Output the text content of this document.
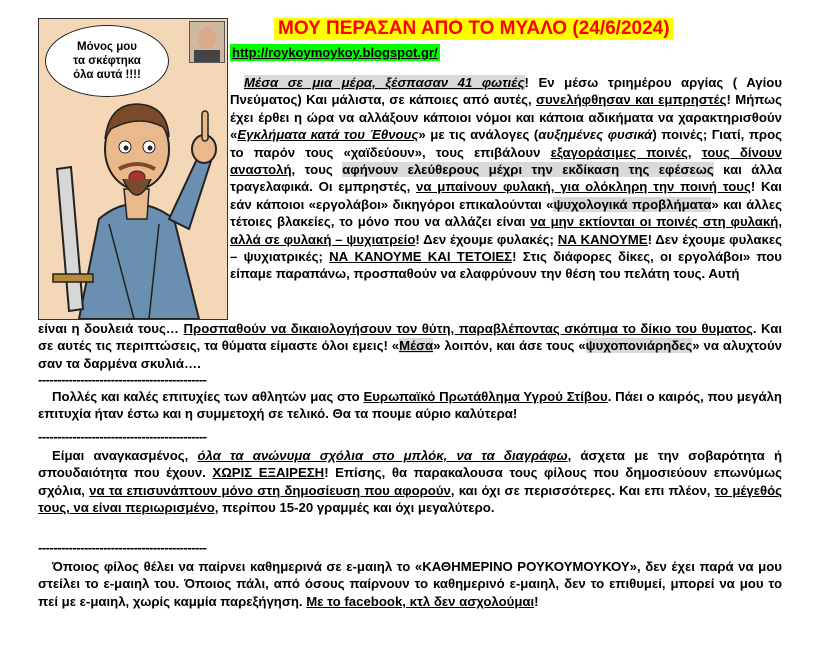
Μόνος μου
τα σκέφτηκα
όλα αυτά !!!!
ΜΟΥ ΠΕΡΑΣΑΝ ΑΠΟ ΤΟ ΜΥΑΛΟ (24/6/2024)
http://roykoymoykoy.blogspot.gr/

Μέσα σε μια μέρα, ξέσπασαν 41 φωτιές! Εν μέσω τριημέρου αργίας ( Αγίου Πνεύματος) Και μάλιστα, σε κάποιες από αυτές, συνελήφθησαν και εμπρηστές! Μήπως έχει έρθει η ώρα να αλλάξουν κάποιοι νόμοι και κάποια αδικήματα να χαρακτηρισθούν «Εγκλήματα κατά του Έθνους» με τις ανάλογες (αυξημένες φυσικά) ποινές; Γιατί, προς το παρόν τους «χαϊδεύουν», τους επιβάλουν εξαγοράσιμες ποινές, τους δίνουν αναστολή, τους αφήνουν ελεύθερους μέχρι την εκδίκαση της εφέσεως και άλλα τραγελαφικά. Οι εμπρηστές, να μπαίνουν φυλακή, για ολόκληρη την ποινή τους! Και εάν κάποιοι «εργολάβοι» δικηγόροι επικαλούνται «ψυχολογικά προβλήματα» και άλλες τέτοιες βλακείες, το μόνο που να αλλάζει είναι να μην εκτίονται οι ποινές στη φυλακή, αλλά σε φυλακή – ψυχιατρείο! Δεν έχουμε φυλακές; ΝΑ ΚΑΝΟΥΜΕ! Δεν έχουμε φυλακες – ψυχιατρικές; ΝΑ ΚΑΝΟΥΜΕ ΚΑΙ ΤΕΤΟΙΕΣ! Στις διάφορες δίκες, οι εργολάβοι» που είπαμε παραπάνω, προσπαθούν να ελαφρύνουν την θέση του πελάτη τους. Αυτή

είναι η δουλειά τους… Προσπαθούν να δικαιολογήσουν τον θύτη, παραβλέποντας σκόπιμα το δίκιο του θυματος. Και σε αυτές τις περιπτώσεις, τα θύματα είμαστε όλοι εμεις! «Μέσα» λοιπόν, και άσε τους «ψυχοπονιάρηδες» να αλυχτούν σαν τα δαρμένα σκυλιά….

--------------------------------------------

Πολλές και καλές επιτυχίες των αθλητών μας στο Ευρωπαϊκό Πρωτάθλημα Υγρού Στίβου. Πάει ο καιρός, που μεγάλη επιτυχία ήταν έστω και η συμμετοχή σε τελικό. Θα τα πουμε αύριο καλύτερα!

--------------------------------------------

Είμαι αναγκασμένος, όλα τα ανώνυμα σχόλια στο μπλόκ, να τα διαγράφω, άσχετα με την σοβαρότητα ή σπουδαιότητα που έχουν. ΧΩΡΙΣ ΕΞΑΙΡΕΣΗ! Επίσης, θα παρακαλουσα τους φίλους που δημοσιεύουν επωνύμως σχόλια, να τα επισυνάπτουν μόνο στη δημοσίευση που αφορούν, και όχι σε περισσότερες. Και επι πλέον, το μέγεθός τους, να είναι περιωρισμένο, περίπου 15-20 γραμμές και όχι μεγαλύτερο.

--------------------------------------------

Όποιος φίλος θέλει να παίρνει καθημερινά σε ε-μαιηλ το «ΚΑΘΗΜΕΡΙΝΟ ΡΟΥΚΟΥΜΟΥΚΟΥ», δεν έχει παρά να μου στείλει το ε-μαιηλ του. Όποιος πάλι, από όσους παίρνουν το καθημερινό ε-μαιηλ, δεν το επιθυμεί, μπορεί να μου το πεί με ε-μαιηλ, χωρίς καμμία παρεξήγηση. Με το facebook, κτλ δεν ασχολούμαι!
